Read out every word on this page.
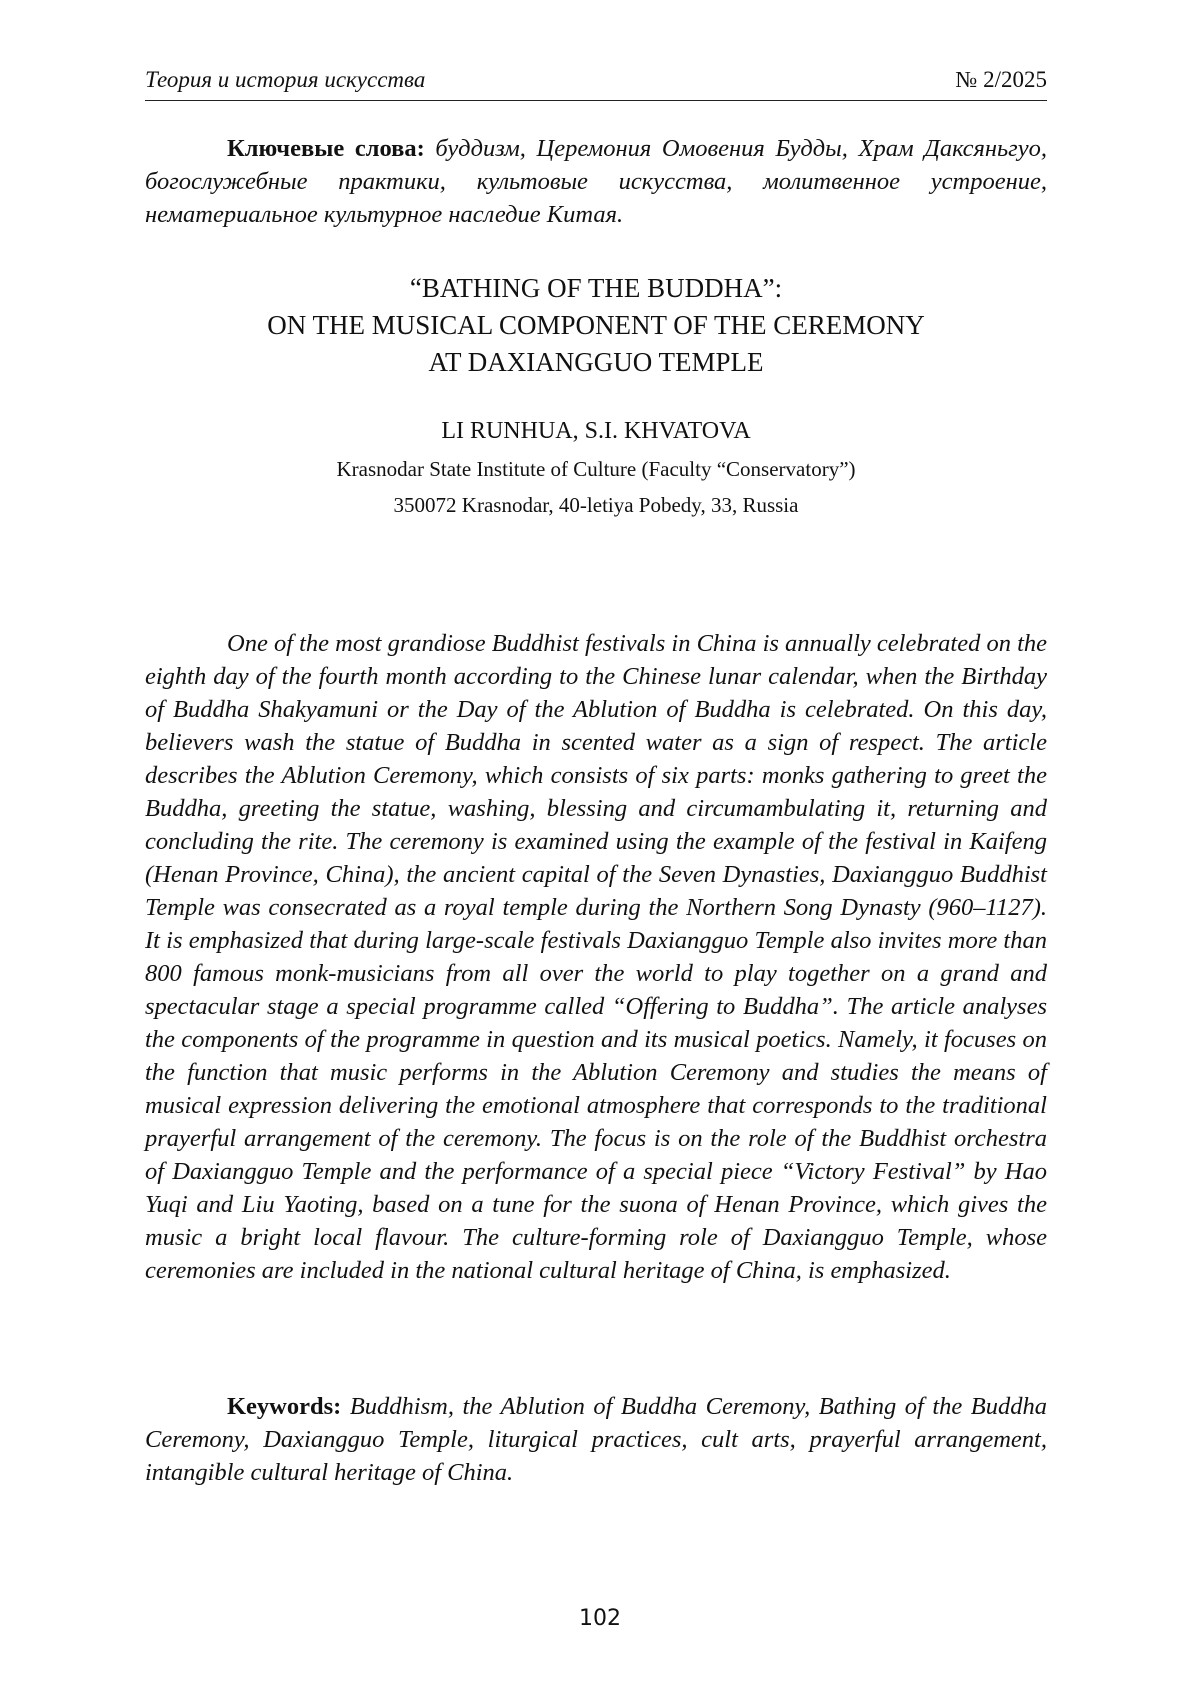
Теория и история искусства	№ 2/2025

Ключевые слова: буддизм, Церемония Омовения Будды, Храм Даксяньгуо, богослужебные практики, культовые искусства, молитвенное устроение, нематериальное культурное наследие Китая.

“BATHING OF THE BUDDHA”:
ON THE MUSICAL COMPONENT OF THE CEREMONY
AT DAXIANGGUO TEMPLE

LI RUNHUA, S.I. KHVATOVA

Krasnodar State Institute of Culture (Faculty “Conservatory”)

350072 Krasnodar, 40-letiya Pobedy, 33, Russia

One of the most grandiose Buddhist festivals in China is annually celebrated on the eighth day of the fourth month according to the Chinese lunar calendar, when the Birthday of Buddha Shakyamuni or the Day of the Ablution of Buddha is celebrated. On this day, believers wash the statue of Buddha in scented water as a sign of respect. The article describes the Ablution Ceremony, which consists of six parts: monks gathering to greet the Buddha, greeting the statue, washing, blessing and circumambulating it, returning and concluding the rite. The ceremony is examined using the example of the festival in Kaifeng (Henan Province, China), the ancient capital of the Seven Dynasties, Daxiangguo Buddhist Temple was consecrated as a royal temple during the Northern Song Dynasty (960–1127). It is emphasized that during large-scale festivals Daxiangguo Temple also invites more than 800 famous monk-musicians from all over the world to play together on a grand and spectacular stage a special programme called “Offering to Buddha”. The article analyses the components of the programme in question and its musical poetics. Namely, it focuses on the function that music performs in the Ablution Ceremony and studies the means of musical expression delivering the emotional atmosphere that corresponds to the traditional prayerful arrangement of the ceremony. The focus is on the role of the Buddhist orchestra of Daxiangguo Temple and the performance of a special piece “Victory Festival” by Hao Yuqi and Liu Yaoting, based on a tune for the suona of Henan Province, which gives the music a bright local flavour. The culture-forming role of Daxiangguo Temple, whose ceremonies are included in the national cultural heritage of China, is emphasized.

Keywords: Buddhism, the Ablution of Buddha Ceremony, Bathing of the Buddha Ceremony, Daxiangguo Temple, liturgical practices, cult arts, prayerful arrangement, intangible cultural heritage of China.

102
